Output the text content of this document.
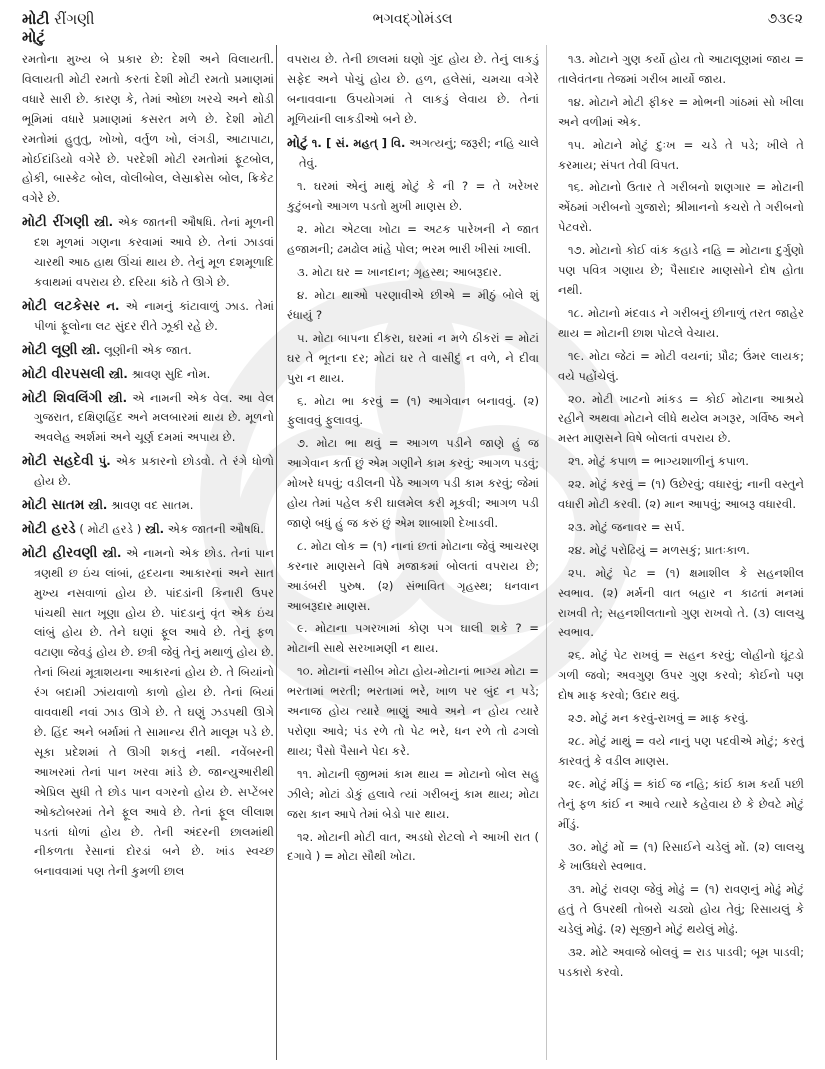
મોટી રીંગણી
મોટું
ભગવદ્ગોમંડલ	૭૩૯૨

રમતોના મુખ્ય બે પ્રકાર છે: દેશી અને વિલાયતી. વિલાયતી મોટી રમતો કરતાં દેશી મોટી રમતો પ્રમાણમાં વધારે સારી છે. કારણ કે, તેમાં ઓછા ખરચે અને થોડી ભૂમિમાં વધારે પ્રમાણમાં કસરત મળે છે. દેશી મોટી રમતોમાં હુતુતુ, ખોખો, વર્તુળ ખો, લંગડી, આટાપાટા, મોઈદાંડિયો વગેરે છે. પરદેશી મોટી રમતોમાં ફૂટબોલ, હોકી, બાસ્કેટ બોલ, વોલીબોલ, લેસ્રાક્રોસ બોલ, ક્રિકેટ વગેરે છે.

મોટી રીંગણી સ્ત્રી. એક જાતની ઔષધિ. તેનાં મૂળની દશ મૂળમાં ગણના કરવામાં આવે છે. તેનાં ઝાડવાં ચારથી આઠ હાથ ઊંચાં થાય છે. તેનું મૂળ દશમૂળાદિ કવાથમાં વપરાય છે. દરિયા કાંઠે તે ઊગે છે.

મોટી લટકેસર ન. એ નામનું કાંટાવાળું ઝાડ. તેમાં પીળાં ફૂલોના લટ સુંદર રીતે ઝૂકી રહે છે.

મોટી લૂણી સ્ત્રી. લૂણીની એક જાત.

મોટી વીરપસલી સ્ત્રી. શ્રાવણ સુદિ નોમ.

મોટી શિવલિંગી સ્ત્રી. એ નામની એક વેલ. આ વેલ ગુજરાત, દક્ષિણહિંદ અને મલબારમાં થાય છે. મૂળનો અવલેહ અર્શમાં અને ચૂર્ણ દમમાં અપાય છે.

મોટી સહદેવી પું. એક પ્રકારનો છોડવો. તે રંગે ધોળો હોય છે.

મોટી સાતમ સ્ત્રી. શ્રાવણ વદ સાતમ.

મોટી હરડે ( મોટી હરડે ) સ્ત્રી. એક જાતની ઔષધિ.

મોટી હીરવણી સ્ત્રી. એ નામનો એક છોડ. તેનાં પાન ત્રણથી છ ઇંચ લાંબાં, હૃદયના આકારનાં અને સાત મુખ્ય નસવાળાં હોય છે. પાંદડાંની કિનારી ઉપર પાંચથી સાત ખૂણા હોય છે. પાંદડાનું વૃંત એક ઇંચ લાંબું હોય છે. તેને ઘણાં ફૂલ આવે છે. તેનું ફળ વટાણા જેવડું હોય છે. છત્રી જેવું તેનું મથાળું હોય છે. તેનાં બિયાં મૂત્રાશયના આકારનાં હોય છે. તે બિયાંનો રંગ બદામી ઝાંયવાળો કાળો હોય છે. તેનાં બિયાં વાવવાથી નવાં ઝાડ ઊગે છે. તે ઘણું ઝડપથી ઊગે છે. હિંદ અને બર્મામાં તે સામાન્ય રીતે માલૂમ પડે છે. સૂકા પ્રદેશમાં તે ઊગી શકતું નથી. નવેંબરની આખરમાં તેનાં પાન ખરવા માંડે છે. જાન્યુઆરીથી એપ્રિલ સુધી તે છોડ પાન વગરનો હોય છે. સપ્ટેંબર ઓક્ટોબરમાં તેને ફૂલ આવે છે. તેનાં ફૂલ લીલાશ પડતાં ધોળાં હોય છે. તેની અંદરની છાલમાંથી નીકળતા રેસાનાં દોરડાં બને છે. ખાંડ સ્વચ્છ બનાવવામાં પણ તેની કુમળી છાલ

વપરાય છે. તેની છાલમાં ઘણો ગુંદ હોય છે. તેનું લાકડું સફેદ અને પોચું હોય છે. હળ, હલેસાં, ચમચા વગેરે બનાવવાના ઉપયોગમાં તે લાકડું લેવાય છે. તેનાં મૂળિયાંની લાકડીઓ બને છે.

મોટું ૧. [ સં. મહત્ ] વિ. અગત્યનું; જરૂરી; નહિ ચાલે તેવું.

૧. ઘરમાં એનું માથું મોટું કે ની ? = તે ખરેખર કુટુંબનો આગળ પડતો મુખી માણસ છે.

૨. મોટા એટલા ખોટા = અટક પારેખની ને જાત હજામની; ઢમઢોલ માંહે પોલ; ભરમ ભારી ખીસાં ખાલી.

૩. મોટા ઘર = ખાનદાન; ગૃહસ્થ; આબરૂદાર.

૪. મોટા થાઓ પરણાવીએ છીએ = મીઠું બોલે શું રંધાયું ?

૫. મોટા બાપના દીકરા, ઘરમાં ન મળે ઠીકરાં = મોટાં ઘર તે ભૂતના દર; મોટાં ઘર તે વાસીદું ન વળે, ને દીવા પુરા ન થાય.

૬. મોટા ભા કરવું = (૧) આગેવાન બનાવવું. (૨) ફુલાવવું ફુલાવવું.

૭. મોટા ભા થવું = આગળ પડીને જાણે હું જ આગેવાન કર્તા છું એમ ગણીને કામ કરવું; આગળ પડવું; મોખરે ધપવું; વડીલની પેઠે આગળ પડી કામ કરવું; જેમાં હોય તેમાં પહેલ કરી ઘાલમેલ કરી મૂકવી; આગળ પડી જાણે બધું હું જ કરું છું એમ શાબાશી દેખાડવી.

૮. મોટા લોક = (૧) નાનાં છતાં મોટાના જેવું આચરણ કરનાર માણસને વિષે મજાકમાં બોલતાં વપરાય છે; આડંબરી પુરુષ. (૨) સંભાવિત ગૃહસ્થ; ધનવાન આબરૂદાર માણસ.

૯. મોટાના પગરખામાં કોણ પગ ઘાલી શકે ? = મોટાની સાથે સરખામણી ન થાય.

૧૦. મોટાનાં નસીબ મોટા હોય-મોટાનાં ભાગ્ય મોટા = ભરતામાં ભરતી; ભરતામાં ભરે, ખાળ પર બુંદ ન પડે; અનાજ હોય ત્યારે ભાણું આવે અને ન હોય ત્યારે પરોણા આવે; પંડ રળે તો પેટ ભરે, ધન રળે તો ઢગલો થાય; પૈસો પૈસાને પેદા કરે.

૧૧. મોટાની જીભમાં કામ થાય = મોટાનો બોલ સહુ ઝીલે; મોટાં ડોકું હલાવે ત્યાં ગરીબનું કામ થાય; મોટા જરા કાન આપે તેમાં બેડો પાર થાય.

૧૨. મોટાની મોટી વાત, અડધો રોટલો ને આખી રાત ( દગાવે ) = મોટા સૌથી ખોટા.

૧૩. મોટાને ગુણ કર્યો હોય તો આટાલૂણમાં જાય = તાલેવંતના તેજમાં ગરીબ માર્યો જાય.

૧૪. મોટાને મોટી ફીકર = મોભની ગાંઠમાં સો ખીલા અને વળીમાં એક.

૧૫. મોટાને મોટું દુઃખ = ચડે તે પડે; ખીલે તે કરમાય; સંપત તેવી વિપત.

૧૬. મોટાનો ઉતાર તે ગરીબનો શણગાર = મોટાની એંઠમાં ગરીબનો ગુજારો; શ્રીમાનનો કચરો તે ગરીબનો પેટવરો.

૧૭. મોટાનો કોઈ વાંક કહાડે નહિ = મોટાના દુર્ગુણો પણ પવિત્ર ગણાય છે; પૈસાદાર માણસોને દોષ હોતા નથી.

૧૮. મોટાનો મંદવાડ ને ગરીબનું છીનાળું તરત જાહેર થાય = મોટાની છાશ પોટલે વેચાય.

૧૯. મોટા જેટાં = મોટી વયનાં; પ્રૌઢ; ઉંમર લાયક; વયે પહોંચેલું.

૨૦. મોટી ખાટનો માંકડ = કોઈ મોટાના આશ્રયે રહીને અથવા મોટાને લીધે થયેલ મગરૂર, ગર્વિષ્ઠ અને મસ્ત માણસને વિષે બોલતાં વપરાય છે.

૨૧. મોટું કપાળ = ભાગ્યશાળીનું કપાળ.

૨૨. મોટું કરવું = (૧) ઉછેરવું; વધારવું; નાની વસ્તુને વધારી મોટી કરવી. (૨) માન આપવું; આબરૂ વધારવી.

૨૩. મોટું જનાવર = સર્પ.

૨૪. મોટું પરોઢિયું = મળસકું; પ્રાતઃકાળ.

૨૫. મોટું પેટ = (૧) ક્ષમાશીલ કે સહનશીલ સ્વભાવ. (૨) મર્મની વાત બહાર ન કાઢતાં મનમાં રાખવી તે; સહનશીલતાનો ગુણ રાખવો તે. (૩) લાલચુ સ્વભાવ.

૨૬. મોટું પેટ રાખવું = સહન કરવું; લોહીનો ઘૂંટડો ગળી જવો; અવગુણ ઉપર ગુણ કરવો; કોઈનો પણ દોષ માફ કરવો; ઉદાર થવું.

૨૭. મોટું મન કરવું-રાખવું = માફ કરવું.

૨૮. મોટું માથું = વયે નાનું પણ પદવીએ મોટું; કરતું કારવતું કે વડીલ માણસ.

૨૯. મોટું મીંડું = કાંઈ જ નહિ; કાંઈ કામ કર્યા પછી તેનું ફળ કાંઈ ન આવે ત્યારે કહેવાય છે કે છેવટે મોટું મીંડું.

૩૦. મોટું મોં = (૧) રિસાઈને ચડેલું મોં. (૨) લાલચુ કે ખાઉધરો સ્વભાવ.

૩૧. મોટું રાવણ જેવું મોઢું = (૧) રાવણનું મોઢું મોટું હતું તે ઉપરથી તોબરો ચડ્યો હોય તેવું; રિસાયલું કે ચડેલું મોઢું. (૨) સૂજીને મોટું થયેલું મોઢું.

૩૨. મોટે અવાજે બોલવું = રાડ પાડવી; બૂમ પાડવી; પડકારો કરવો.
